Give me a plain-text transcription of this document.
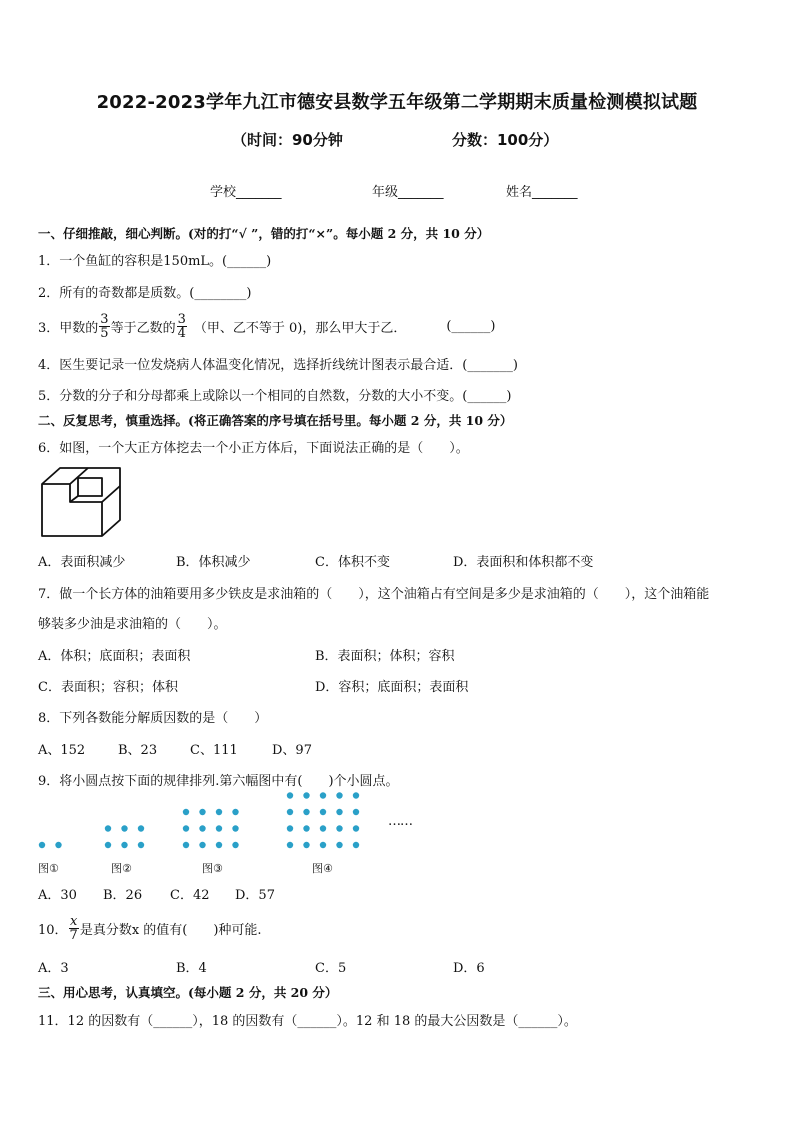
2022-2023学年九江市德安县数学五年级第二学期期末质量检测模拟试题
（时间：90分钟	分数：100分）
学校_______	年级_______	姓名_______
一、仔细推敲，细心判断。(对的打“√ ”，错的打“×”。每小题 2 分，共 10 分）
1．一个鱼缸的容积是150mL。(______)
2．所有的奇数都是质数。(________)
3．甲数的 $\frac{3}{5}$ 等于乙数的 $\frac{3}{4}$ （甲、乙不等于 0)，那么甲大于乙．	(______)
4．医生要记录一位发烧病人体温变化情况，选择折线统计图表示最合适．(_______)
5．分数的分子和分母都乘上或除以一个相同的自然数，分数的大小不变。(______)
二、反复思考，慎重选择。(将正确答案的序号填在括号里。每小题 2 分，共 10 分）
6．如图，一个大正方体挖去一个小正方体后，下面说法正确的是（　　）。
A．表面积减少	B．体积减少	C．体积不变	D．表面积和体积都不变
7．做一个长方体的油箱要用多少铁皮是求油箱的（　　），这个油箱占有空间是多少是求油箱的（　　），这个油箱能
够装多少油是求油箱的（　　）。
A．体积；底面积；表面积	B．表面积；体积；容积
C．表面积；容积；体积	D．容积；底面积；表面积
8．下列各数能分解质因数的是（　　）
A、152	B、23	C、111	D、97
9．将小圆点按下面的规律排列.第六幅图中有(　　)个小圆点。
……
图①	图②	图③	图④
A．30 B．26 C．42 D．57
10． $\frac{x}{7}$ 是真分数x 的值有(　　)种可能.
A．3	B．4	C．5	D．6
三、用心思考，认真填空。(每小题 2 分，共 20 分）
11．12 的因数有（______），18 的因数有（______）。12 和 18 的最大公因数是（______）。
